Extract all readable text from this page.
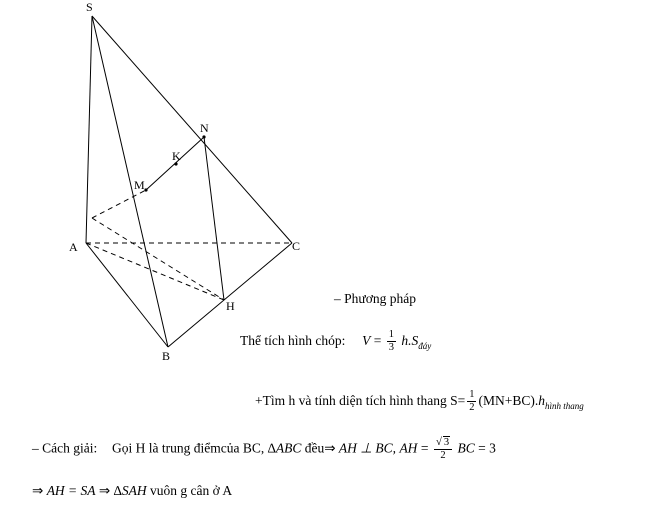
S
N
K
M
A	C
H
B
– Phương pháp
Thể tích hình chóp: $V = \frac{1}{3} h.S_{đáy}$
+Tìm h và tính diện tích hình thang $S= \frac{1}{2} (MN+BC).h_{hình thang}$
– Cách giải: Gọi H là trung điểmcủa BC, ∆ABC đều⇒ AH ⊥ BC, AH = $\frac{√ 3}{2}$ BC = 3
⇒ AH = SA ⇒ ∆SAH vuôn g cân ở A
